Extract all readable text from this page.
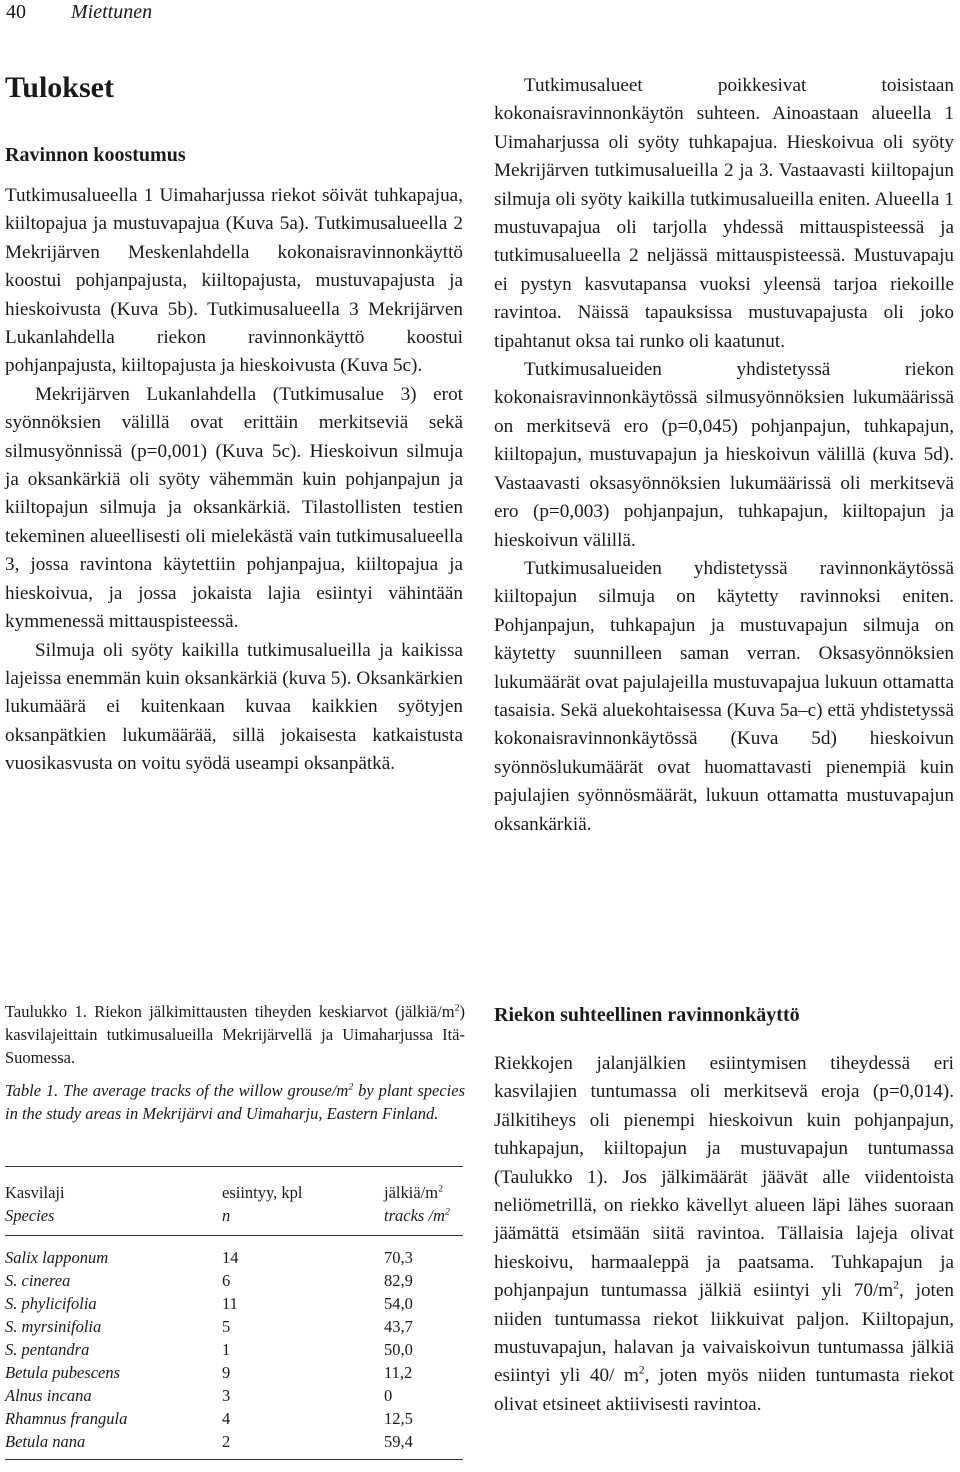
40 Miettunen
Tulokset
Ravinnon koostumus

Tutkimusalueella 1 Uimaharjussa riekot söivät tuhkapajua, kiiltopajua ja mustuvapajua (Kuva 5a). Tutkimusalueella 2 Mekrijärven Meskenlahdella kokonaisravinnonkäyttö koostui pohjanpajusta, kiiltopajusta, mustuvapajusta ja hieskoivusta (Kuva 5b). Tutkimusalueella 3 Mekrijärven Lukanlahdella riekon ravinnonkäyttö koostui pohjanpajusta, kiiltopajusta ja hieskoivusta (Kuva 5c).

Mekrijärven Lukanlahdella (Tutkimusalue 3) erot syönnöksien välillä ovat erittäin merkitseviä sekä silmusyönnissä (p=0,001) (Kuva 5c). Hieskoivun silmuja ja oksankärkiä oli syöty vähemmän kuin pohjanpajun ja kiiltopajun silmuja ja oksankärkiä. Tilastollisten testien tekeminen alueellisesti oli mielekästä vain tutkimusalueella 3, jossa ravintona käytettiin pohjanpajua, kiiltopajua ja hieskoivua, ja jossa jokaista lajia esiintyi vähintään kymmenessä mittauspisteessä.

Silmuja oli syöty kaikilla tutkimusalueilla ja kaikissa lajeissa enemmän kuin oksankärkiä (kuva 5). Oksankärkien lukumäärä ei kuitenkaan kuvaa kaikkien syötyjen oksanpätkien lukumäärää, sillä jokaisesta katkaistusta vuosikasvusta on voitu syödä useampi oksanpätkä.

Tutkimusalueet poikkesivat toisistaan kokonaisravinnonkäytön suhteen. Ainoastaan alueella 1 Uimaharjussa oli syöty tuhkapajua. Hieskoivua oli syöty Mekrijärven tutkimusalueilla 2 ja 3. Vastaavasti kiiltopajun silmuja oli syöty kaikilla tutkimusalueilla eniten. Alueella 1 mustuvapajua oli tarjolla yhdessä mittauspisteessä ja tutkimusalueella 2 neljässä mittauspisteessä. Mustuvapaju ei pystyn kasvutapansa vuoksi yleensä tarjoa riekoille ravintoa. Näissä tapauksissa mustuvapajusta oli joko tipahtanut oksa tai runko oli kaatunut.

Tutkimusalueiden yhdistetyssä riekon kokonaisravinnonkäytössä silmusyönnöksien lukumäärissä on merkitsevä ero (p=0,045) pohjanpajun, tuhkapajun, kiiltopajun, mustuvapajun ja hieskoivun välillä (kuva 5d). Vastaavasti oksasyönnöksien lukumäärissä oli merkitsevä ero (p=0,003) pohjanpajun, tuhkapajun, kiiltopajun ja hieskoivun välillä.

Tutkimusalueiden yhdistetyssä ravinnonkäytössä kiiltopajun silmuja on käytetty ravinnoksi eniten. Pohjanpajun, tuhkapajun ja mustuvapajun silmuja on käytetty suunnilleen saman verran. Oksasyönnöksien lukumäärät ovat pajulajeilla mustuvapajua lukuun ottamatta tasaisia. Sekä aluekohtaisessa (Kuva 5a–c) että yhdistetyssä kokonaisravinnonkäytössä (Kuva 5d) hieskoivun syönnöslukumäärät ovat huomattavasti pienempiä kuin pajulajien syönnösmäärät, lukuun ottamatta mustuvapajun oksankärkiä.

Taulukko 1. Riekon jälkimittausten tiheyden keskiarvot $(jälkiä/m^2)$ kasvilajeittain tutkimusalueilla Mekrijärvellä ja Uimaharjussa Itä-Suomessa.

Table 1. The average tracks of the willow grouse/$m^2$ by plant species in the study areas in Mekrijärvi and Uimaharju, Eastern Finland.

Kasvilaji	esiintyy, kpl	jälkiä/$m^2$
Species	n	tracks $/m^2$
Salix lapponum	14	70,3
S. cinerea	6	82,9
S. phylicifolia	11	54,0
S. myrsinifolia	5	43,7
S. pentandra	1	50,0
Betula pubescens	9	11,2
Alnus incana	3	0
Rhamnus frangula	4	12,5
Betula nana	2	59,4
Riekon suhteellinen ravinnonkäyttö

Riekkojen jalanjälkien esiintymisen tiheydessä eri kasvilajien tuntumassa oli merkitsevä eroja (p=0,014). Jälkitiheys oli pienempi hieskoivun kuin pohjanpajun, tuhkapajun, kiiltopajun ja mustuvapajun tuntumassa (Taulukko 1). Jos jälkimäärät jäävät alle viidentoista neliömetrillä, on riekko kävellyt alueen läpi lähes suoraan jäämättä etsimään siitä ravintoa. Tällaisia lajeja olivat hieskoivu, harmaaleppä ja paatsama. Tuhkapajun ja pohjanpajun tuntumassa jälkiä esiintyi yli $70/m^2$, joten niiden tuntumassa riekot liikkuivat paljon. Kiiltopajun, mustuvapajun, halavan ja vaivaiskoivun tuntumassa jälkiä esiintyi yli 40/ $m^2$, joten myös niiden tuntumasta riekot olivat etsineet aktiivisesti ravintoa.
